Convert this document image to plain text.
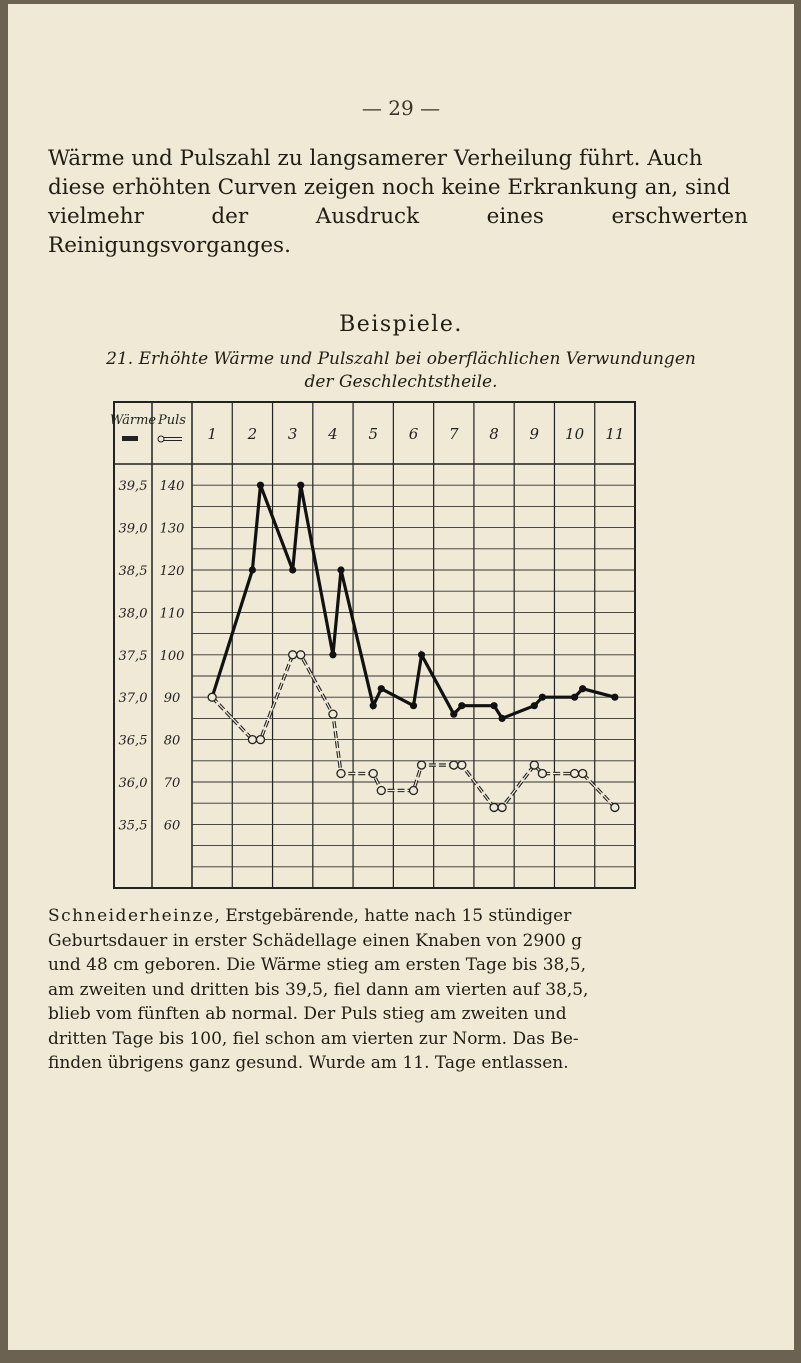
— 29 —
Wärme und Pulszahl zu langsamerer Verheilung führt. Auch
diese erhöhten Curven zeigen noch keine Erkrankung an, sind
vielmehr der Ausdruck eines erschwerten Reinigungsvorganges.
Beispiele.
21. Erhöhte Wärme und Pulszahl bei oberflächlichen Verwundungen
der Geschlechtstheile.
Wärme Puls
1 2 3 4 5 6 7 8 9 10 11
39,5
39,0
38,5
38,0
37,5
37,0
36,5
36,0
35,5
140
130
120
110
100
90
80
70
60
Schneiderheinze, Erstgebärende, hatte nach 15 stündiger
Geburtsdauer in erster Schädellage einen Knaben von 2900 g
und 48 cm geboren. Die Wärme stieg am ersten Tage bis 38,5,
am zweiten und dritten bis 39,5, fiel dann am vierten auf 38,5,
blieb vom fünften ab normal. Der Puls stieg am zweiten und
dritten Tage bis 100, fiel schon am vierten zur Norm. Das Be-
finden übrigens ganz gesund. Wurde am 11. Tage entlassen.
